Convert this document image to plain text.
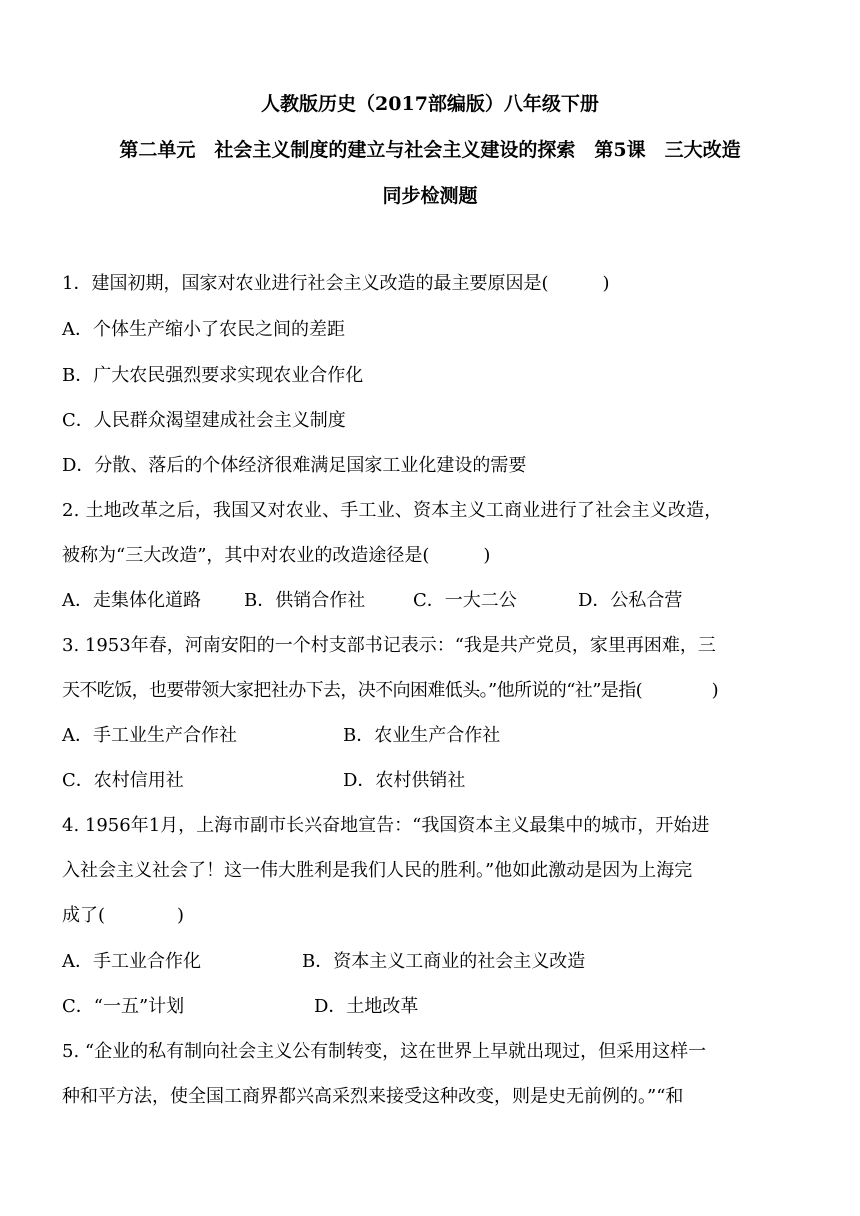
人教版历史（2017部编版）八年级下册
第二单元　社会主义制度的建立与社会主义建设的探索　第5课　三大改造
同步检测题
1．建国初期，国家对农业进行社会主义改造的最主要原因是(　　　)
A．个体生产缩小了农民之间的差距
B．广大农民强烈要求实现农业合作化
C．人民群众渴望建成社会主义制度
D．分散、落后的个体经济很难满足国家工业化建设的需要
2. 土地改革之后，我国又对农业、手工业、资本主义工商业进行了社会主义改造，
被称为“三大改造”，其中对农业的改造途径是(　　　)
A．走集体化道路 B．供销合作社	C．一大二公	D．公私合营
3. 1953年春，河南安阳的一个村支部书记表示：“我是共产党员，家里再困难，三
天不吃饭，也要带领大家把社办下去，决不向困难低头。”他所说的“社”是指(　　　　)
A．手工业生产合作社	B．农业生产合作社
C．农村信用社	D．农村供销社
4. 1956年1月，上海市副市长兴奋地宣告：“我国资本主义最集中的城市，开始进
入社会主义社会了！这一伟大胜利是我们人民的胜利。”他如此激动是因为上海完
成了(　　　　)
A．手工业合作化	B．资本主义工商业的社会主义改造
C．“一五”计划	D．土地改革
5. “企业的私有制向社会主义公有制转变，这在世界上早就出现过，但采用这样一
种和平方法，使全国工商界都兴高采烈来接受这种改变，则是史无前例的。”“和
